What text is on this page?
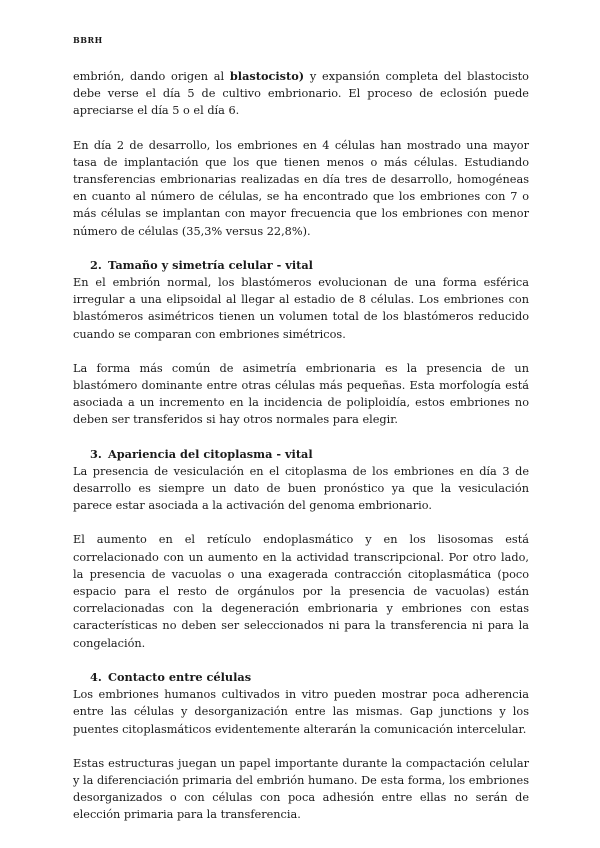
BBRH

embrión, dando origen al blastocisto) y expansión completa del blastocisto debe verse el día 5 de cultivo embrionario. El proceso de eclosión puede apreciarse el día 5 o el día 6.

En día 2 de desarrollo, los embriones en 4 células han mostrado una mayor tasa de implantación que los que tienen menos o más células. Estudiando transferencias embrionarias realizadas en día tres de desarrollo, homogéneas en cuanto al número de células, se ha encontrado que los embriones con 7 o más células se implantan con mayor frecuencia que los embriones con menor número de células (35,3% versus 22,8%).

2. Tamaño y simetría celular - vital

En el embrión normal, los blastómeros evolucionan de una forma esférica irregular a una elipsoidal al llegar al estadio de 8 células. Los embriones con blastómeros asimétricos tienen un volumen total de los blastómeros reducido cuando se comparan con embriones simétricos.

La forma más común de asimetría embrionaria es la presencia de un blastómero dominante entre otras células más pequeñas. Esta morfología está asociada a un incremento en la incidencia de poliploidía, estos embriones no deben ser transferidos si hay otros normales para elegir.

3. Apariencia del citoplasma - vital

La presencia de vesiculación en el citoplasma de los embriones en día 3 de desarrollo es siempre un dato de buen pronóstico ya que la vesiculación parece estar asociada a la activación del genoma embrionario.

El aumento en el retículo endoplasmático y en los lisosomas está correlacionado con un aumento en la actividad transcripcional. Por otro lado, la presencia de vacuolas o una exagerada contracción citoplasmática (poco espacio para el resto de orgánulos por la presencia de vacuolas) están correlacionadas con la degeneración embrionaria y embriones con estas características no deben ser seleccionados ni para la transferencia ni para la congelación.

4. Contacto entre células

Los embriones humanos cultivados in vitro pueden mostrar poca adherencia entre las células y desorganización entre las mismas. Gap junctions y los puentes citoplasmáticos evidentemente alterarán la comunicación intercelular.

Estas estructuras juegan un papel importante durante la compactación celular y la diferenciación primaria del embrión humano. De esta forma, los embriones desorganizados o con células con poca adhesión entre ellas no serán de elección primaria para la transferencia.
